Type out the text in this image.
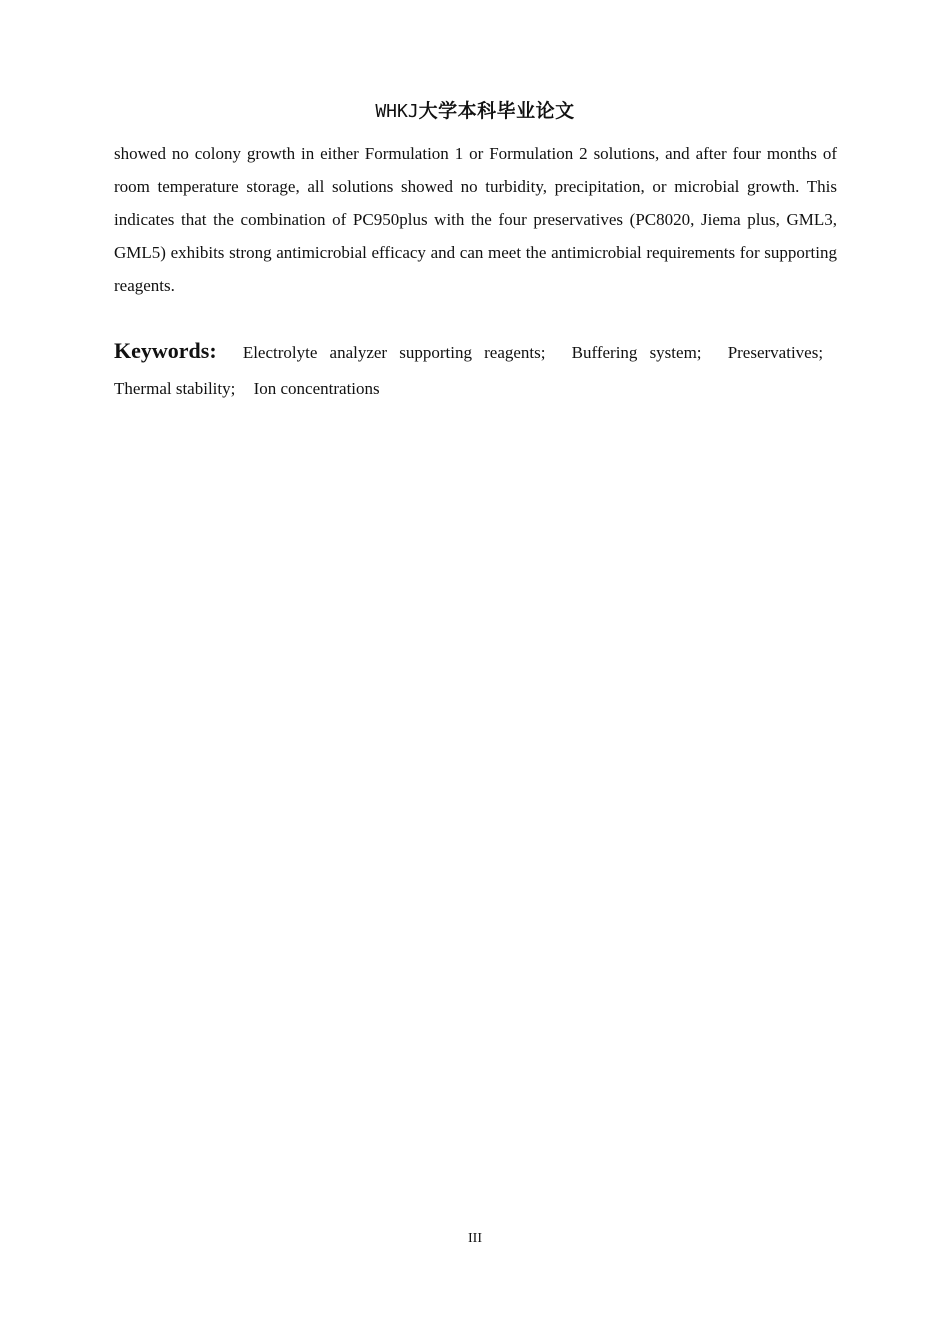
WHKJ大学本科毕业论文

showed no colony growth in either Formulation 1 or Formulation 2 solutions, and after four months of room temperature storage, all solutions showed no turbidity, precipitation, or microbial growth. This indicates that the combination of PC950plus with the four preservatives (PC8020, Jiema plus, GML3, GML5) exhibits strong antimicrobial efficacy and can meet the antimicrobial requirements for supporting reagents.

Keywords: Electrolyte analyzer supporting reagents; Buffering system; Preservatives; Thermal stability; Ion concentrations

III
